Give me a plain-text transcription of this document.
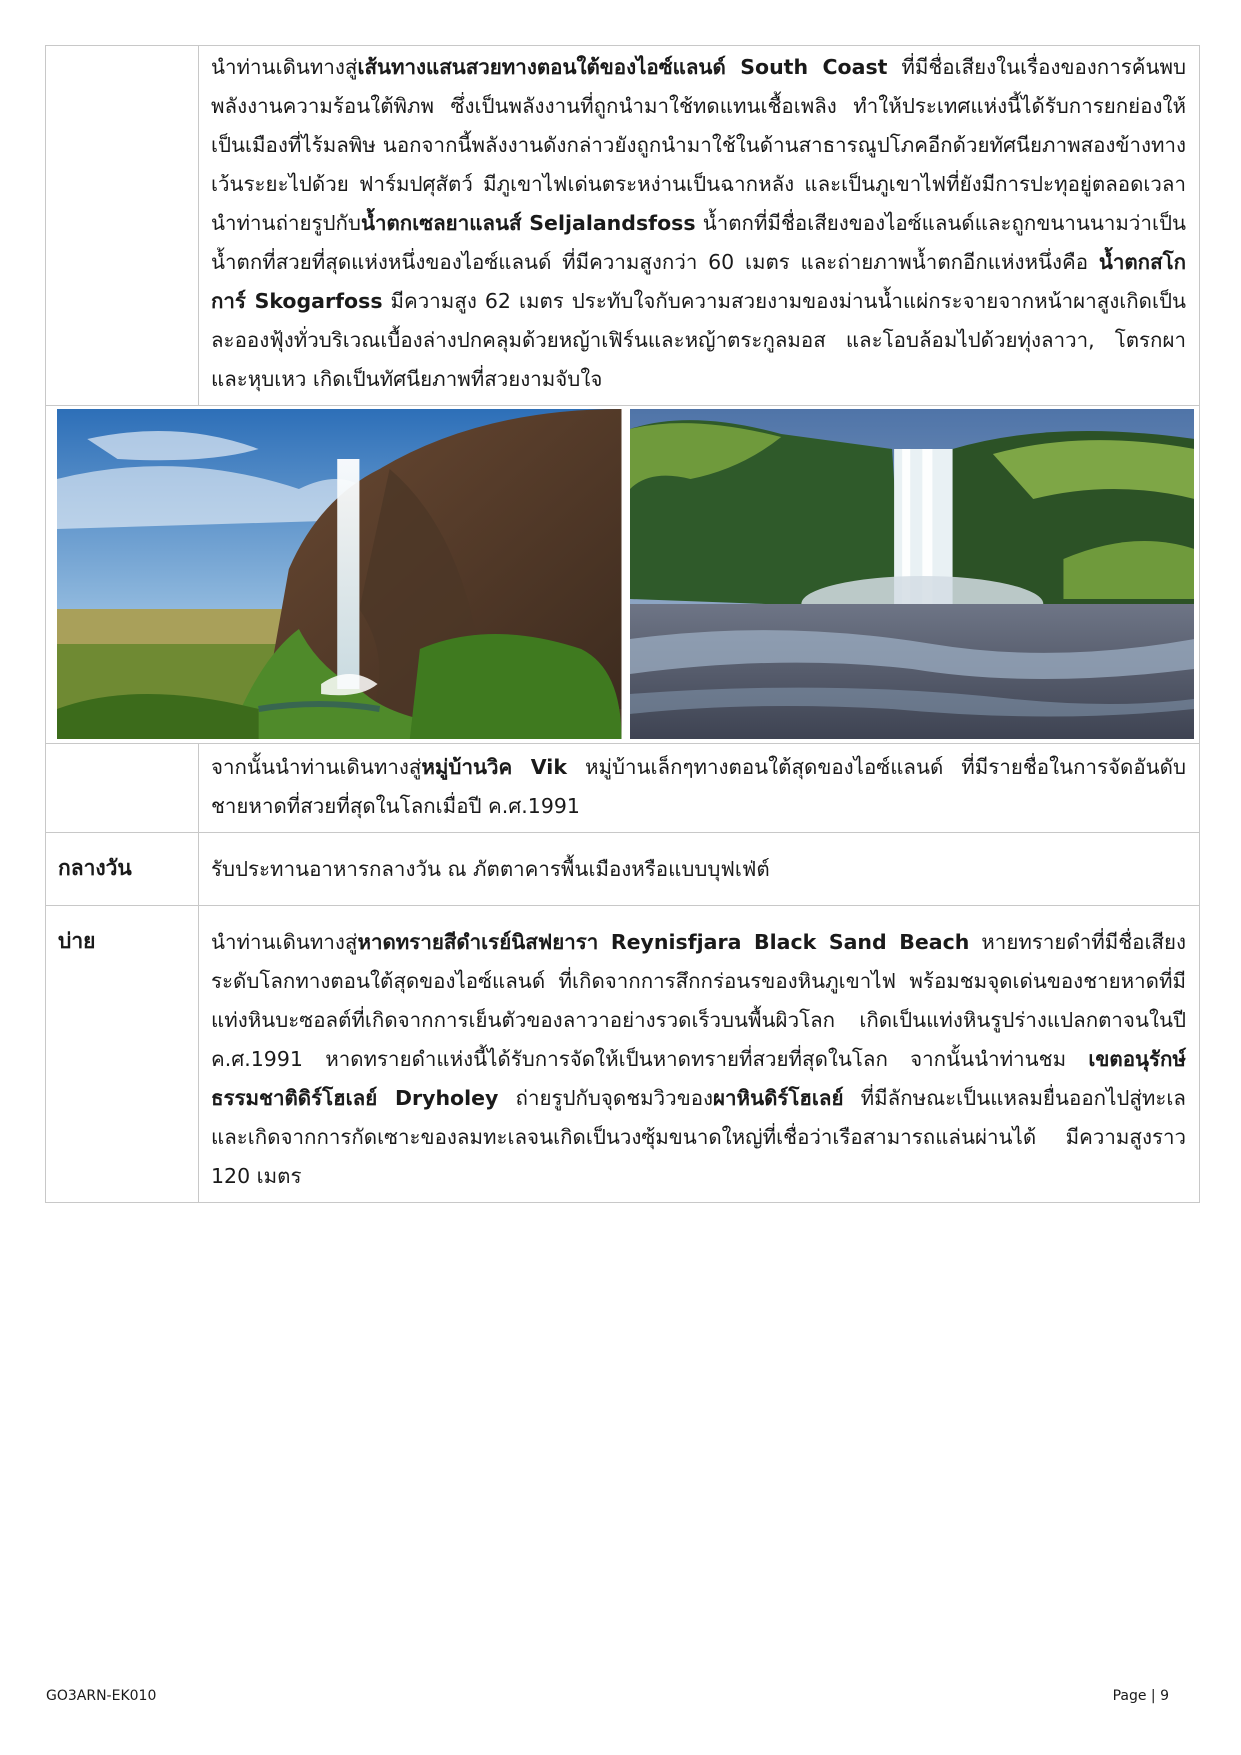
	นำท่านเดินทางสู่เส้นทางแสนสวยทางตอนใต้ของไอซ์แลนด์ South Coast ที่มีชื่อเสียงในเรื่องของการค้นพบพลังงานความร้อนใต้พิภพ ซึ่งเป็นพลังงานที่ถูกนำมาใช้ทดแทนเชื้อเพลิง ทำให้ประเทศแห่งนี้ได้รับการยกย่องให้เป็นเมืองที่ไร้มลพิษ นอกจากนี้พลังงานดังกล่าวยังถูกนำมาใช้ในด้านสาธารณูปโภคอีกด้วยทัศนียภาพสองข้างทางเว้นระยะไปด้วย ฟาร์มปศุสัตว์ มีภูเขาไฟเด่นตระหง่านเป็นฉากหลัง และเป็นภูเขาไฟที่ยังมีการปะทุอยู่ตลอดเวลา นำท่านถ่ายรูปกับน้ำตกเซลยาแลนส์ Seljalandsfoss น้ำตกที่มีชื่อเสียงของไอซ์แลนด์และถูกขนานนามว่าเป็นน้ำตกที่สวยที่สุดแห่งหนึ่งของไอซ์แลนด์ ที่มีความสูงกว่า 60 เมตร และถ่ายภาพน้ำตกอีกแห่งหนึ่งคือ น้ำตกสโกการ์ Skogarfoss มีความสูง 62 เมตร ประทับใจกับความสวยงามของม่านน้ำแผ่กระจายจากหน้าผาสูงเกิดเป็นละอองฟุ้งทั่วบริเวณเบื้องล่างปกคลุมด้วยหญ้าเฟิร์นและหญ้าตระกูลมอส และโอบล้อมไปด้วยทุ่งลาวา, โตรกผา และหุบเหว เกิดเป็นทัศนียภาพที่สวยงามจับใจ

	จากนั้นนำท่านเดินทางสู่หมู่บ้านวิค Vik หมู่บ้านเล็กๆทางตอนใต้สุดของไอซ์แลนด์ ที่มีรายชื่อในการจัดอันดับชายหาดที่สวยที่สุดในโลกเมื่อปี ค.ศ.1991

กลางวัน	รับประทานอาหารกลางวัน ณ ภัตตาคารพื้นเมืองหรือแบบบุฟเฟ่ต์

บ่าย	นำท่านเดินทางสู่หาดทรายสีดำเรย์นิสฟยารา Reynisfjara Black Sand Beach หายทรายดำที่มีชื่อเสียงระดับโลกทางตอนใต้สุดของไอซ์แลนด์ ที่เกิดจากการสึกกร่อนรของหินภูเขาไฟ พร้อมชมจุดเด่นของชายหาดที่มีแท่งหินบะซอลต์ที่เกิดจากการเย็นตัวของลาวาอย่างรวดเร็วบนพื้นผิวโลก เกิดเป็นแท่งหินรูปร่างแปลกตาจนในปี ค.ศ.1991 หาดทรายดำแห่งนี้ได้รับการจัดให้เป็นหาดทรายที่สวยที่สุดในโลก จากนั้นนำท่านชม เขตอนุรักษ์ธรรมชาติดิร์โฮเลย์ Dryholey ถ่ายรูปกับจุดชมวิวของผาหินดิร์โฮเลย์ ที่มีลักษณะเป็นแหลมยื่นออกไปสู่ทะเลและเกิดจากการกัดเซาะของลมทะเลจนเกิดเป็นวงซุ้มขนาดใหญ่ที่เชื่อว่าเรือสามารถแล่นผ่านได้ มีความสูงราว 120 เมตร

GO3ARN-EK010	Page | 9
